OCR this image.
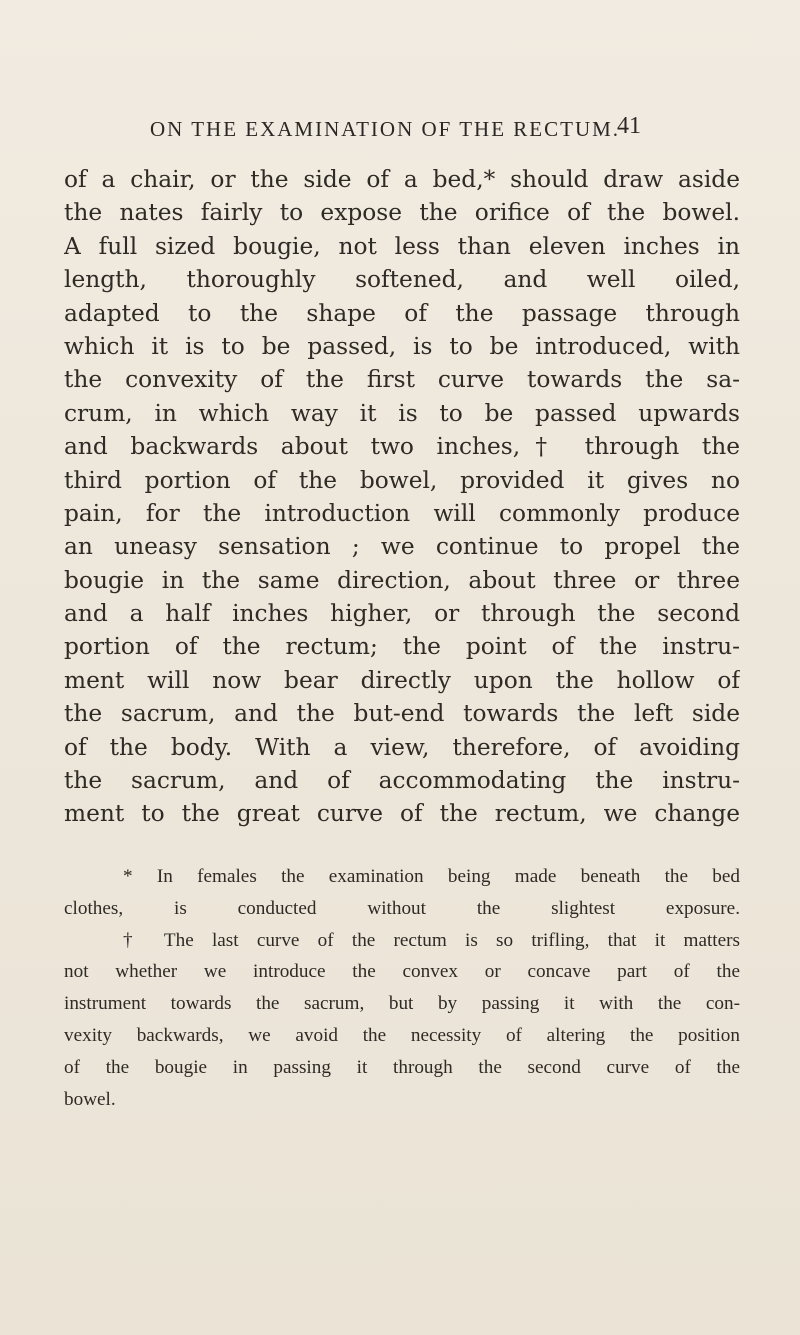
ON THE EXAMINATION OF THE RECTUM.
41
of a chair, or the side of a bed,* should draw aside
the nates fairly to expose the orifice of the bowel.
A full sized bougie, not less than eleven inches in
length, thoroughly softened, and well oiled,
adapted to the shape of the passage through
which it is to be passed, is to be introduced, with
the convexity of the first curve towards the sa-
crum, in which way it is to be passed upwards
and backwards about two inches,† through the
third portion of the bowel, provided it gives no
pain, for the introduction will commonly produce
an uneasy sensation ; we continue to propel the
bougie in the same direction, about three or three
and a half inches higher, or through the second
portion of the rectum; the point of the instru-
ment will now bear directly upon the hollow of
the sacrum, and the but-end towards the left side
of the body. With a view, therefore, of avoiding
the sacrum, and of accommodating the instru-
ment to the great curve of the rectum, we change
* In females the examination being made beneath the bed
clothes, is conducted without the slightest exposure.
† The last curve of the rectum is so trifling, that it matters
not whether we introduce the convex or concave part of the
instrument towards the sacrum, but by passing it with the con-
vexity backwards, we avoid the necessity of altering the position
of the bougie in passing it through the second curve of the
bowel.
